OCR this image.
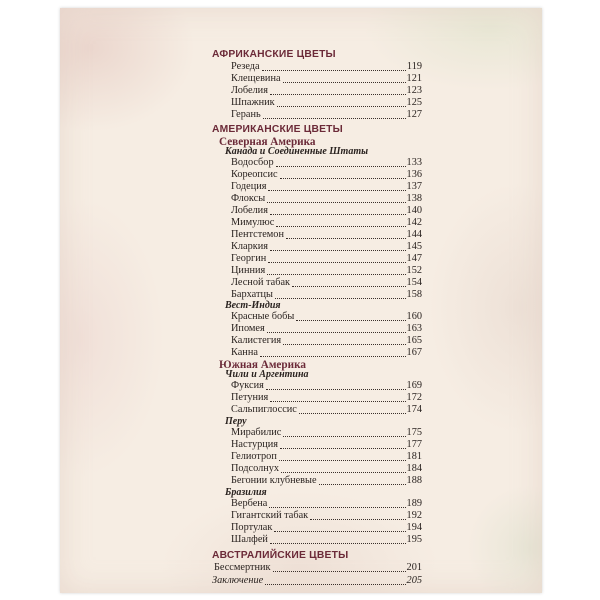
АФРИКАНСКИЕ ЦВЕТЫ
Резеда	119
Клещевина	121
Лобелия	123
Шпажник	125
Герань	127
АМЕРИКАНСКИЕ ЦВЕТЫ
Северная Америка
Канада и Соединенные Штаты
Водосбор	133
Кореопсис	136
Годеция	137
Флоксы	138
Лобелия	140
Мимулюс	142
Пентстемон	144
Кларкия	145
Георгин	147
Цинния	152
Лесной табак	154
Бархатцы	158
Вест-Индия
Красные бобы	160
Ипомея	163
Калистегия	165
Канна	167
Южная Америка
Чили и Аргентина
Фуксия	169
Петуния	172
Сальпиглоссис	174
Перу
Мирабилис	175
Настурция	177
Гелиотроп	181
Подсолнух	184
Бегонии клубневые	188
Бразилия
Вербена	189
Гигантский табак	192
Портулак	194
Шалфей	195
АВСТРАЛИЙСКИЕ ЦВЕТЫ
Бессмертник	201
Заключение	205
